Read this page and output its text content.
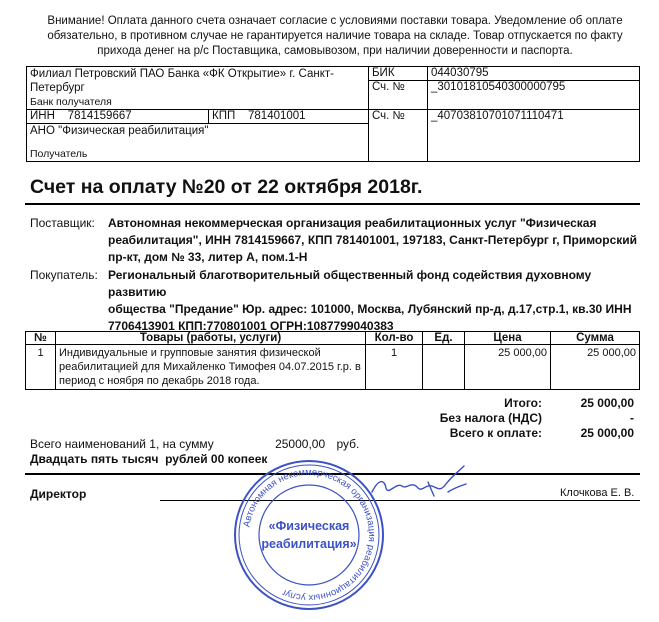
Внимание! Оплата данного счета означает согласие с условиями поставки товара. Уведомление об оплате
обязательно, в противном случае не гарантируется наличие товара на складе. Товар отпускается по факту
прихода денег на р/с Поставщика, самовывозом, при наличии доверенности и паспорта.
Филиал Петровский ПАО Банка «ФК Открытие» г. Санкт-
Петербург
Банк получателя		БИК	044030795
		Сч. №	_30101810540300000795
ИНН 7814159667	КПП 781401001	Сч. №	_40703810701071110471

АНО "Физическая реабилитация"
Получатель			
Счет на оплату №20 от 22 октября 2018г.
Поставщик: Автономная некоммерческая организация реабилитационных услуг "Физическая
реабилитация", ИНН 7814159667, КПП 781401001, 197183, Санкт-Петербург г, Приморский
пр-кт, дом № 33, литер А, пом.1-Н
Покупатель: Региональный благотворительный общественный фонд содействия духовному развитию
общества "Предание" Юр. адрес: 101000, Москва, Лубянский пр-д, д.17,стр.1, кв.30 ИНН
7706413901 КПП:770801001 ОГРН:1087799040383
№	Товары (работы, услуги)	Кол-во	Ед.	Цена	Сумма
1	Индивидуальные и групповые занятия физической
реабилитацией для Михайленко Тимофея 04.07.2015 г.р. в
период с ноября по декабрь 2018 года.	1		25 000,00	25 000,00
Итого:	25 000,00
Без налога (НДС)	-
Всего к оплате:	25 000,00
Всего наименований 1, на сумму	25000,00 руб.
Двадцать пять тысяч  рублей 00 копеек
Директор	Клочкова Е. В.
Автономная некоммерческая организация реабилитационных услуг
«Физическая
реабилитация»
